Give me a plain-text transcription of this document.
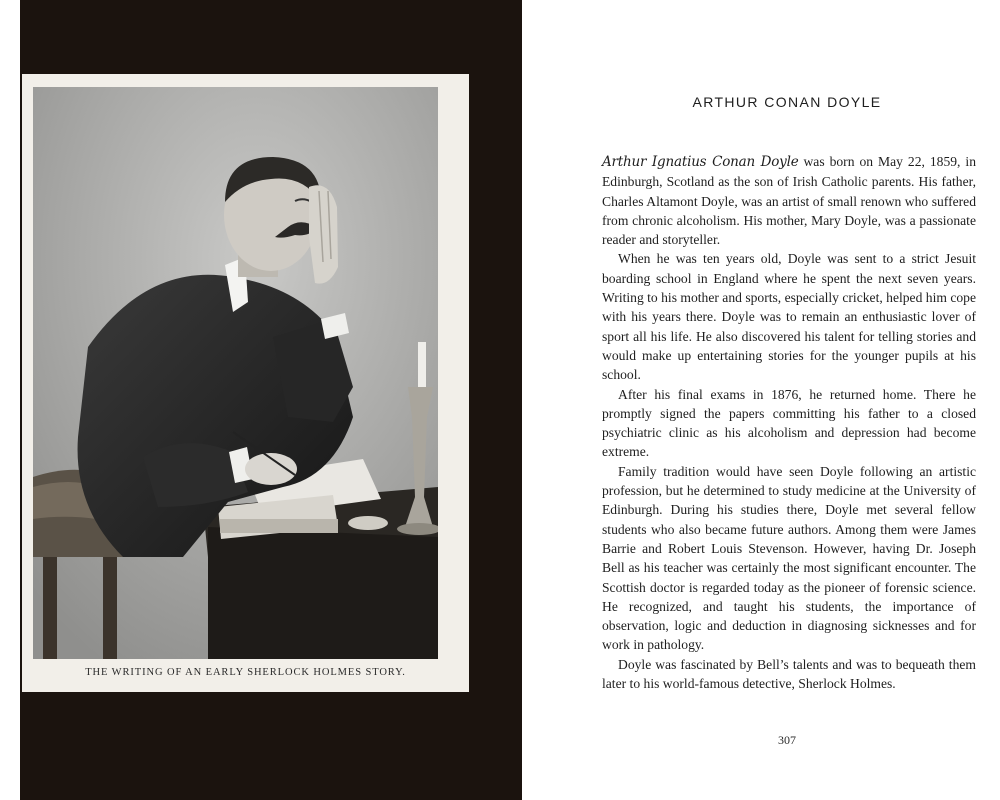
THE WRITING OF AN EARLY SHERLOCK HOLMES STORY.
ARTHUR CONAN DOYLE

Arthur Ignatius Conan Doyle was born on May 22, 1859, in Edinburgh, Scotland as the son of Irish Catholic parents. His father, Charles Altamont Doyle, was an artist of small renown who suffered from chronic alcoholism. His mother, Mary Doyle, was a passionate reader and storyteller.

When he was ten years old, Doyle was sent to a strict Jesuit boarding school in England where he spent the next seven years. Writing to his mother and sports, especially cricket, helped him cope with his years there. Doyle was to remain an enthusiastic lover of sport all his life. He also discovered his talent for telling stories and would make up entertaining stories for the younger pupils at his school.

After his final exams in 1876, he returned home. There he promptly signed the papers committing his father to a closed psychiatric clinic as his alcoholism and depression had become extreme.

Family tradition would have seen Doyle following an artistic profession, but he determined to study medicine at the University of Edinburgh. During his studies there, Doyle met several fellow students who also became future authors. Among them were James Barrie and Robert Louis Stevenson. However, having Dr. Joseph Bell as his teacher was certainly the most significant encounter. The Scottish doctor is regarded today as the pioneer of forensic science. He recognized, and taught his students, the importance of observation, logic and deduction in diagnosing sicknesses and for work in pathology.

Doyle was fascinated by Bell’s talents and was to bequeath them later to his world-famous detective, Sherlock Holmes.

307
